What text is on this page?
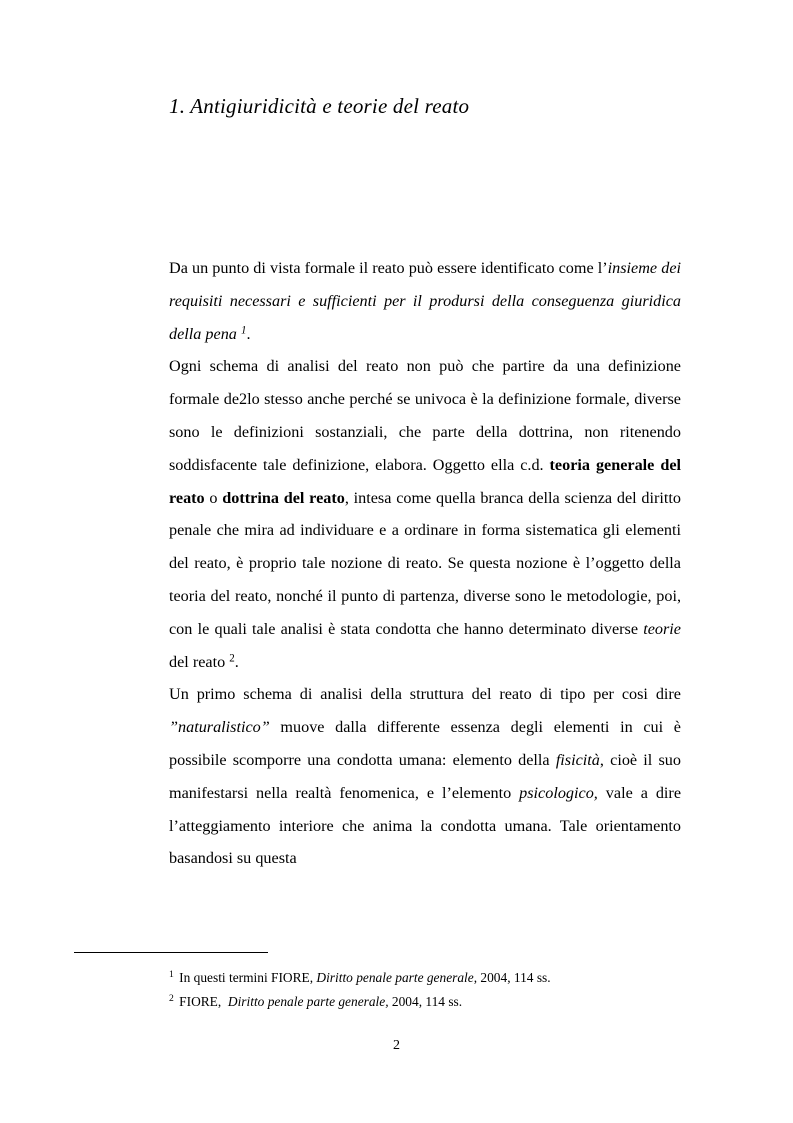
1. Antigiuridicità e teorie del reato

Da un punto di vista formale il reato può essere identificato come l’insieme dei requisiti necessari e sufficienti per il prodursi della conseguenza giuridica della pena $^1$.

Ogni schema di analisi del reato non può che partire da una definizione formale de2lo stesso anche perché se univoca è la definizione formale, diverse sono le definizioni sostanziali, che parte della dottrina, non ritenendo soddisfacente tale definizione, elabora. Oggetto ella c.d. teoria generale del reato o dottrina del reato, intesa come quella branca della scienza del diritto penale che mira ad individuare e a ordinare in forma sistematica gli elementi del reato, è proprio tale nozione di reato. Se questa nozione è l’oggetto della teoria del reato, nonché il punto di partenza, diverse sono le metodologie, poi, con le quali tale analisi è stata condotta che hanno determinato diverse teorie del reato $^2$.

Un primo schema di analisi della struttura del reato di tipo per cosi dire ”naturalistico” muove dalla differente essenza degli elementi in cui è possibile scomporre una condotta umana: elemento della fisicità, cioè il suo manifestarsi nella realtà fenomenica, e l’elemento psicologico, vale a dire l’atteggiamento interiore che anima la condotta umana. Tale orientamento basandosi su questa

$^1$ In questi termini FIORE, Diritto penale parte generale, 2004, 114 ss.

$^2$ FIORE,  Diritto penale parte generale, 2004, 114 ss.

2
